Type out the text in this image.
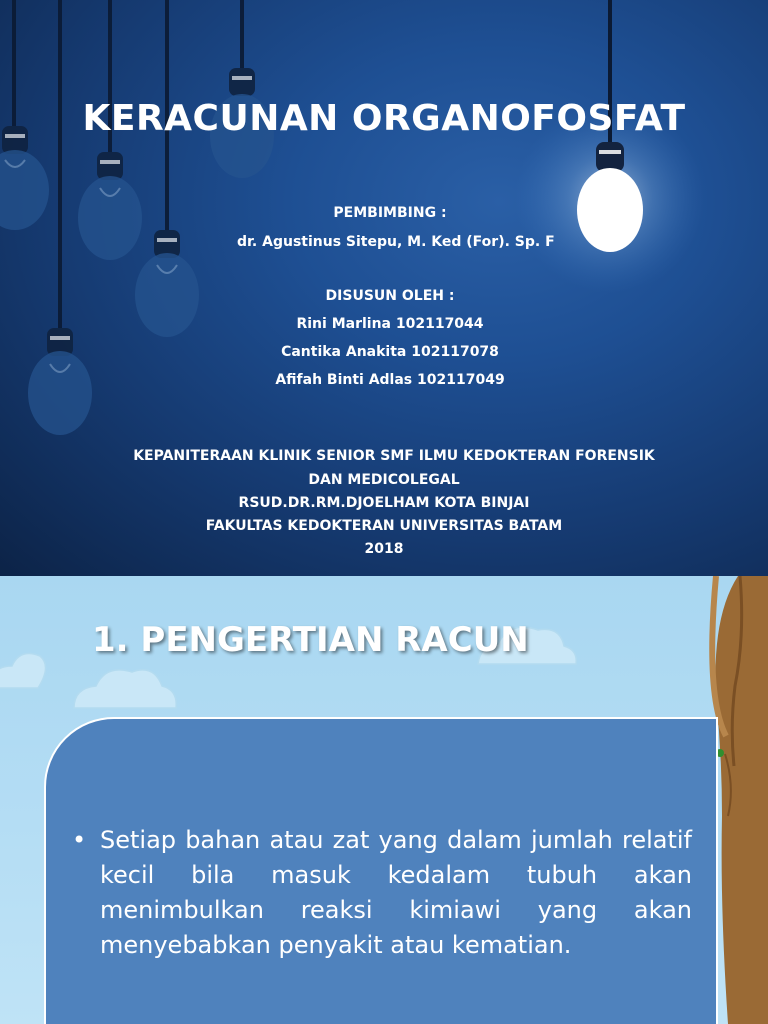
KERACUNAN ORGANOFOSFAT
PEMBIMBING :
dr. Agustinus Sitepu, M. Ked (For). Sp. F
DISUSUN OLEH :
Rini Marlina 102117044
Cantika Anakita 102117078
Afifah Binti Adlas 102117049
KEPANITERAAN KLINIK SENIOR SMF ILMU KEDOKTERAN FORENSIK
DAN MEDICOLEGAL
RSUD.DR.RM.DJOELHAM KOTA BINJAI
FAKULTAS KEDOKTERAN UNIVERSITAS BATAM
2018
1. PENGERTIAN RACUN
• Setiap bahan atau zat yang dalam jumlah relatif kecil bila masuk kedalam tubuh akan menimbulkan reaksi kimiawi yang akan menyebabkan penyakit atau kematian.
